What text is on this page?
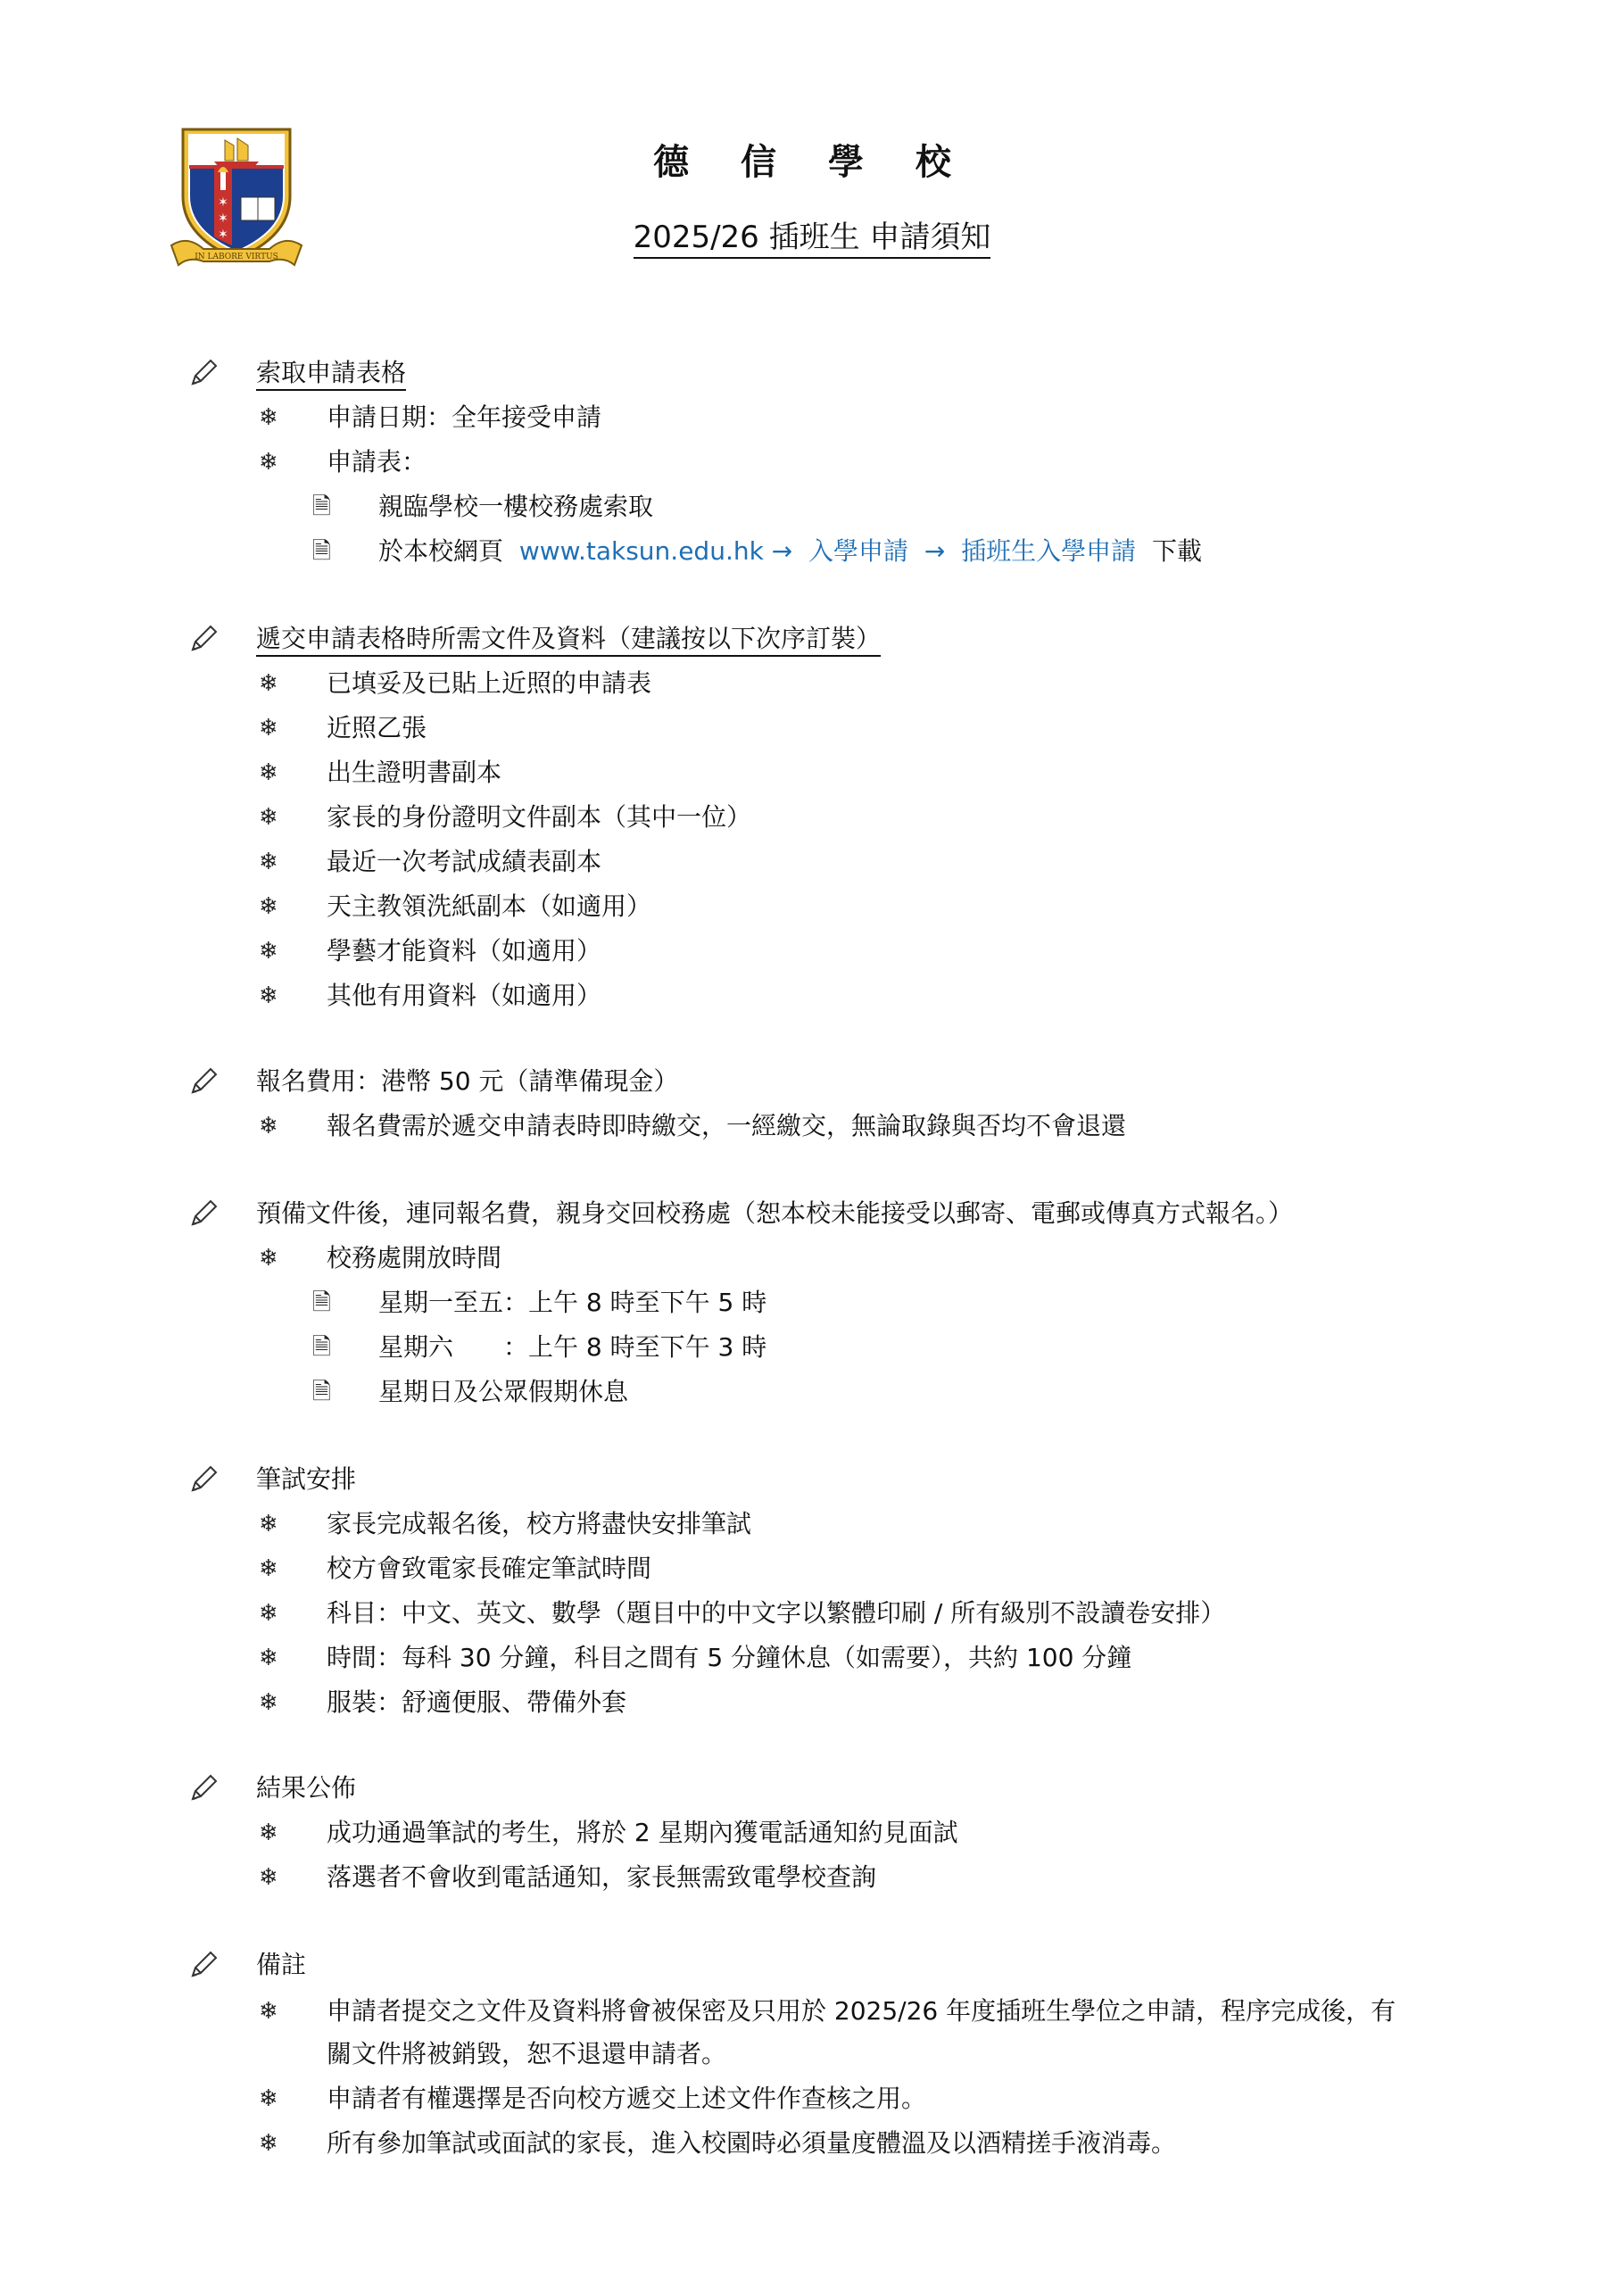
✶
✶
✶
IN LABORE VIRTUS
德 信 學 校
2025/26 插班生 申請須知
索取申請表格
❄ 申請日期：全年接受申請
❄ 申請表：
🗎 親臨學校一樓校務處索取
🗎 於本校網頁 www.taksun.edu.hk → 入學申請 → 插班生入學申請 下載
遞交申請表格時所需文件及資料（建議按以下次序訂裝）
❄ 已填妥及已貼上近照的申請表
❄ 近照乙張
❄ 出生證明書副本
❄ 家長的身份證明文件副本（其中一位）
❄ 最近一次考試成績表副本
❄ 天主教領洗紙副本（如適用）
❄ 學藝才能資料（如適用）
❄ 其他有用資料（如適用）
報名費用：港幣 50 元（請準備現金）
❄ 報名費需於遞交申請表時即時繳交，一經繳交，無論取錄與否均不會退還
預備文件後，連同報名費，親身交回校務處（恕本校未能接受以郵寄、電郵或傳真方式報名。）
❄ 校務處開放時間
🗎 星期一至五：上午 8 時至下午 5 時
🗎 星期六　　：上午 8 時至下午 3 時
🗎 星期日及公眾假期休息
筆試安排
❄ 家長完成報名後，校方將盡快安排筆試
❄ 校方會致電家長確定筆試時間
❄ 科目：中文、英文、數學（題目中的中文字以繁體印刷 / 所有級別不設讀卷安排）
❄ 時間：每科 30 分鐘，科目之間有 5 分鐘休息（如需要），共約 100 分鐘
❄ 服裝：舒適便服、帶備外套
結果公佈
❄ 成功通過筆試的考生，將於 2 星期內獲電話通知約見面試
❄ 落選者不會收到電話通知，家長無需致電學校查詢
備註
❄ 申請者提交之文件及資料將會被保密及只用於 2025/26 年度插班生學位之申請，程序完成後，有關文件將被銷毀，恕不退還申請者。
❄ 申請者有權選擇是否向校方遞交上述文件作查核之用。
❄ 所有參加筆試或面試的家長，進入校園時必須量度體溫及以酒精搓手液消毒。
